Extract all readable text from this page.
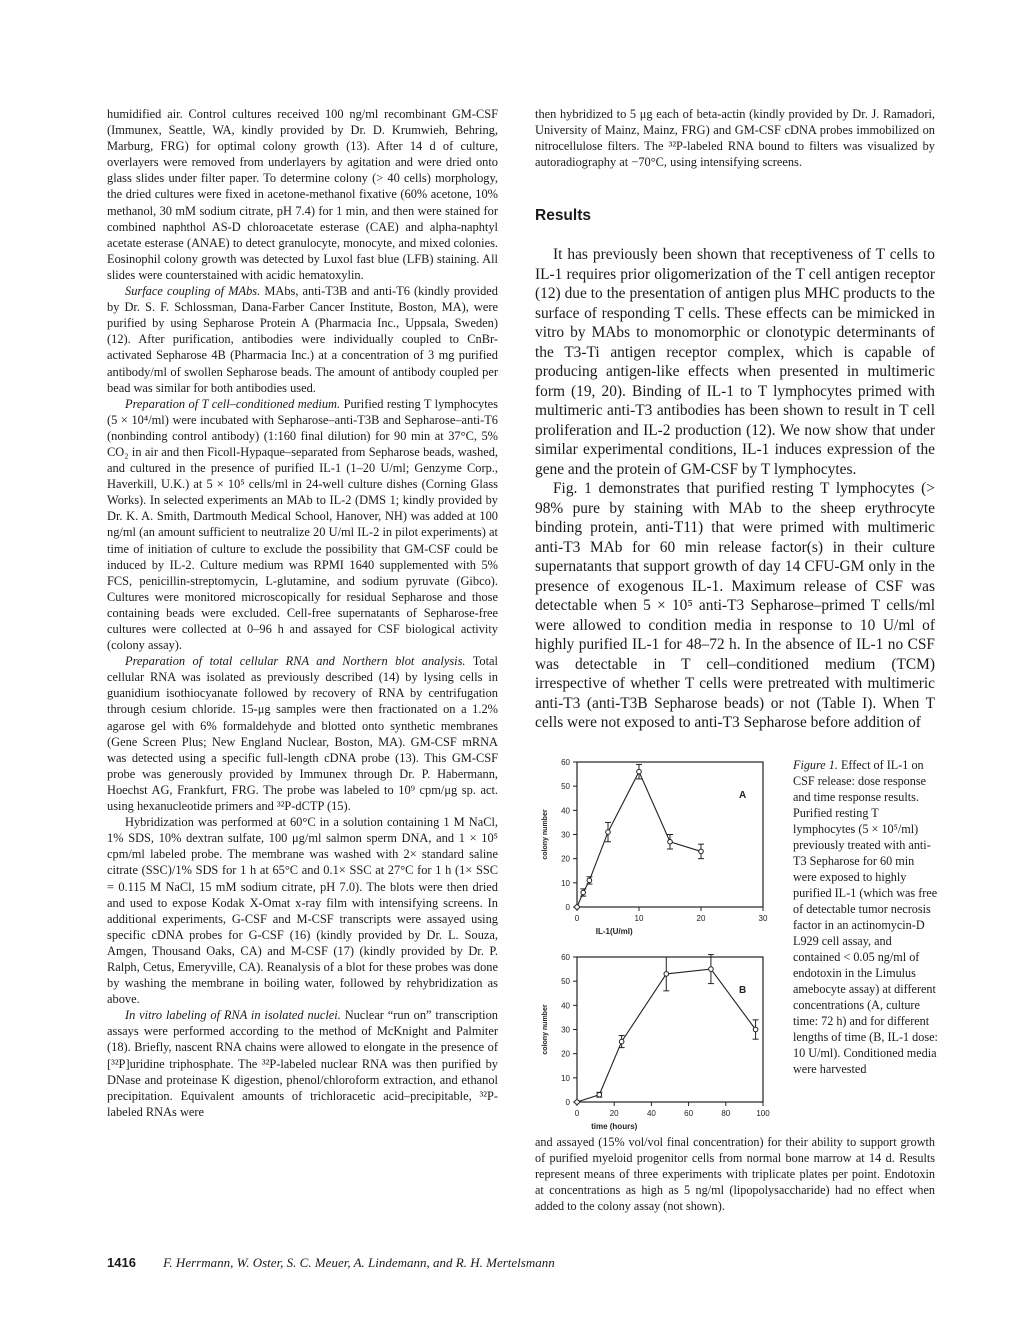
humidified air. Control cultures received 100 ng/ml recombinant GM-CSF (Immunex, Seattle, WA, kindly provided by Dr. D. Krumwieh, Behring, Marburg, FRG) for optimal colony growth (13). After 14 d of culture, overlayers were removed from underlayers by agitation and were dried onto glass slides under filter paper. To determine colony (> 40 cells) morphology, the dried cultures were fixed in acetone-methanol fixative (60% acetone, 10% methanol, 30 mM sodium citrate, pH 7.4) for 1 min, and then were stained for combined naphthol AS-D chloroacetate esterase (CAE) and alpha-naphtyl acetate esterase (ANAE) to detect granulocyte, monocyte, and mixed colonies. Eosinophil colony growth was detected by Luxol fast blue (LFB) staining. All slides were counterstained with acidic hematoxylin.

Surface coupling of MAbs. MAbs, anti-T3B and anti-T6 (kindly provided by Dr. S. F. Schlossman, Dana-Farber Cancer Institute, Boston, MA), were purified by using Sepharose Protein A (Pharmacia Inc., Uppsala, Sweden) (12). After purification, antibodies were individually coupled to CnBr-activated Sepharose 4B (Pharmacia Inc.) at a concentration of 3 mg purified antibody/ml of swollen Sepharose beads. The amount of antibody coupled per bead was similar for both antibodies used.

Preparation of T cell–conditioned medium. Purified resting T lymphocytes (5 × 10⁴/ml) were incubated with Sepharose–anti-T3B and Sepharose–anti-T6 (nonbinding control antibody) (1:160 final dilution) for 90 min at 37°C, 5% CO₂ in air and then Ficoll-Hypaque–separated from Sepharose beads, washed, and cultured in the presence of purified IL-1 (1–20 U/ml; Genzyme Corp., Haverkill, U.K.) at 5 × 10⁵ cells/ml in 24-well culture dishes (Corning Glass Works). In selected experiments an MAb to IL-2 (DMS 1; kindly provided by Dr. K. A. Smith, Dartmouth Medical School, Hanover, NH) was added at 100 ng/ml (an amount sufficient to neutralize 20 U/ml IL-2 in pilot experiments) at time of initiation of culture to exclude the possibility that GM-CSF could be induced by IL-2. Culture medium was RPMI 1640 supplemented with 5% FCS, penicillin-streptomycin, L-glutamine, and sodium pyruvate (Gibco). Cultures were monitored microscopically for residual Sepharose and those containing beads were excluded. Cell-free supernatants of Sepharose-free cultures were collected at 0–96 h and assayed for CSF biological activity (colony assay).

Preparation of total cellular RNA and Northern blot analysis. Total cellular RNA was isolated as previously described (14) by lysing cells in guanidium isothiocyanate followed by recovery of RNA by centrifugation through cesium chloride. 15-μg samples were then fractionated on a 1.2% agarose gel with 6% formaldehyde and blotted onto synthetic membranes (Gene Screen Plus; New England Nuclear, Boston, MA). GM-CSF mRNA was detected using a specific full-length cDNA probe (13). This GM-CSF probe was generously provided by Immunex through Dr. P. Habermann, Hoechst AG, Frankfurt, FRG. The probe was labeled to 10⁹ cpm/μg sp. act. using hexanucleotide primers and ³²P-dCTP (15).

Hybridization was performed at 60°C in a solution containing 1 M NaCl, 1% SDS, 10% dextran sulfate, 100 μg/ml salmon sperm DNA, and 1 × 10⁵ cpm/ml labeled probe. The membrane was washed with 2× standard saline citrate (SSC)/1% SDS for 1 h at 65°C and 0.1× SSC at 27°C for 1 h (1× SSC = 0.115 M NaCl, 15 mM sodium citrate, pH 7.0). The blots were then dried and used to expose Kodak X-Omat x-ray film with intensifying screens. In additional experiments, G-CSF and M-CSF transcripts were assayed using specific cDNA probes for G-CSF (16) (kindly provided by Dr. L. Souza, Amgen, Thousand Oaks, CA) and M-CSF (17) (kindly provided by Dr. P. Ralph, Cetus, Emeryville, CA). Reanalysis of a blot for these probes was done by washing the membrane in boiling water, followed by rehybridization as above.

In vitro labeling of RNA in isolated nuclei. Nuclear “run on” transcription assays were performed according to the method of McKnight and Palmiter (18). Briefly, nascent RNA chains were allowed to elongate in the presence of [³²P]uridine triphosphate. The ³²P-labeled nuclear RNA was then purified by DNase and proteinase K digestion, phenol/chloroform extraction, and ethanol precipitation. Equivalent amounts of trichloracetic acid–precipitable, ³²P-labeled RNAs were

then hybridized to 5 μg each of beta-actin (kindly provided by Dr. J. Ramadori, University of Mainz, Mainz, FRG) and GM-CSF cDNA probes immobilized on nitrocellulose filters. The ³²P-labeled RNA bound to filters was visualized by autoradiography at −70°C, using intensifying screens.

Results

It has previously been shown that receptiveness of T cells to IL-1 requires prior oligomerization of the T cell antigen receptor (12) due to the presentation of antigen plus MHC products to the surface of responding T cells. These effects can be mimicked in vitro by MAbs to monomorphic or clonotypic determinants of the T3-Ti antigen receptor complex, which is capable of producing antigen-like effects when presented in multimeric form (19, 20). Binding of IL-1 to T lymphocytes primed with multimeric anti-T3 antibodies has been shown to result in T cell proliferation and IL-2 production (12). We now show that under similar experimental conditions, IL-1 induces expression of the gene and the protein of GM-CSF by T lymphocytes.

Fig. 1 demonstrates that purified resting T lymphocytes (> 98% pure by staining with MAb to the sheep erythrocyte binding protein, anti-T11) that were primed with multimeric anti-T3 MAb for 60 min release factor(s) in their culture supernatants that support growth of day 14 CFU-GM only in the presence of exogenous IL-1. Maximum release of CSF was detectable when 5 × 10⁵ anti-T3 Sepharose–primed T cells/ml were allowed to condition media in response to 10 U/ml of highly purified IL-1 for 48–72 h. In the absence of IL-1 no CSF was detectable in T cell–conditioned medium (TCM) irrespective of whether T cells were pretreated with multimeric anti-T3 (anti-T3B Sepharose beads) or not (Table I). When T cells were not exposed to anti-T3 Sepharose before addition of

0
10
20
30
40
50
60
0	10	20	30
IL-1(U/ml)
colony number
A
0
10
20
30
40
50
60
0	20	40	60	80	100
time (hours)
colony number
B
Figure 1. Effect of IL-1 on CSF release: dose response and time response results. Purified resting T lymphocytes (5 × 10⁵/ml) previously treated with anti-T3 Sepharose for 60 min were exposed to highly purified IL-1 (which was free of detectable tumor necrosis factor in an actinomycin-D L929 cell assay, and contained < 0.05 ng/ml of endotoxin in the Limulus amebocyte assay) at different concentrations (A, culture time: 72 h) and for different lengths of time (B, IL-1 dose: 10 U/ml). Conditioned media were harvested
and assayed (15% vol/vol final concentration) for their ability to support growth of purified myeloid progenitor cells from normal bone marrow at 14 d. Results represent means of three experiments with triplicate plates per point. Endotoxin at concentrations as high as 5 ng/ml (lipopolysaccharide) had no effect when added to the colony assay (not shown).
1416 F. Herrmann, W. Oster, S. C. Meuer, A. Lindemann, and R. H. Mertelsmann
